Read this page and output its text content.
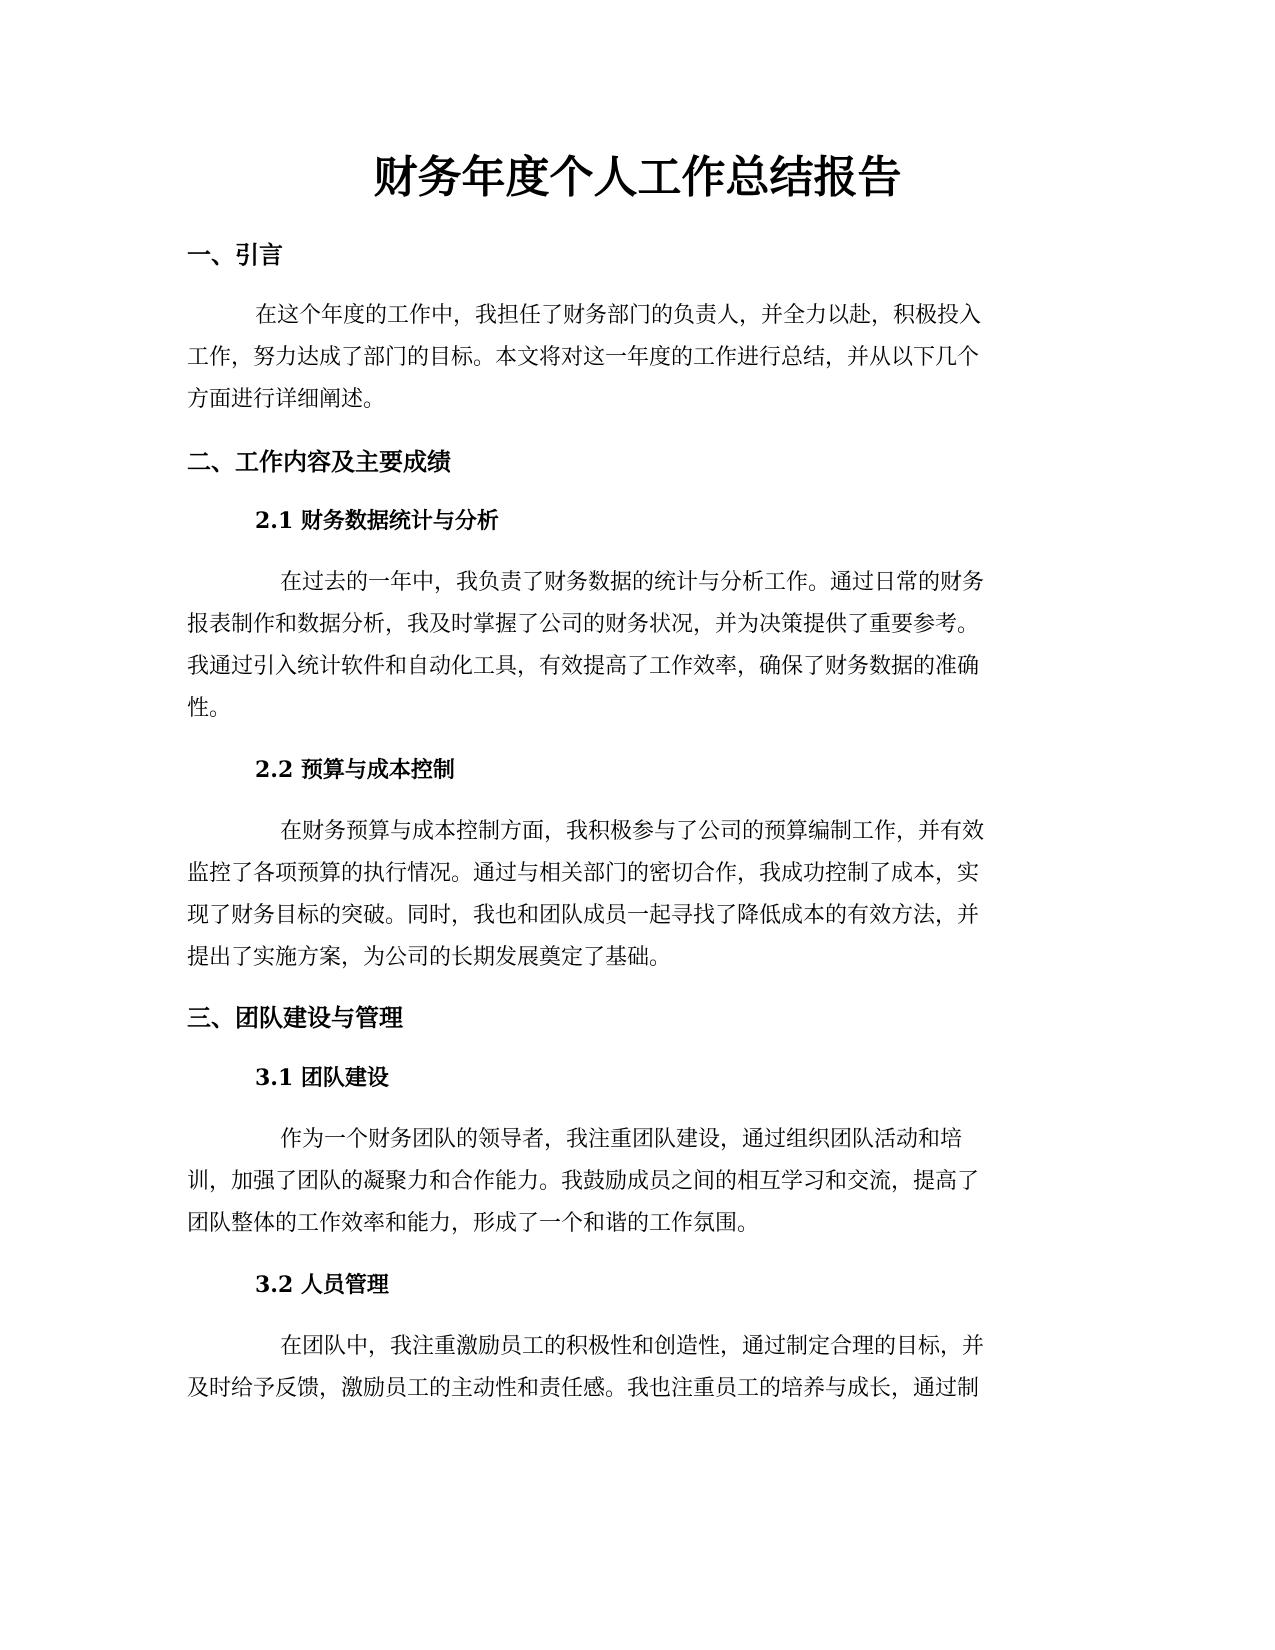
财务年度个人工作总结报告
一、引言

在这个年度的工作中，我担任了财务部门的负责人，并全力以赴，积极投入
工作，努力达成了部门的目标。本文将对这一年度的工作进行总结，并从以下几个
方面进行详细阐述。

二、工作内容及主要成绩
2.1 财务数据统计与分析

在过去的一年中，我负责了财务数据的统计与分析工作。通过日常的财务
报表制作和数据分析，我及时掌握了公司的财务状况，并为决策提供了重要参考。
我通过引入统计软件和自动化工具，有效提高了工作效率，确保了财务数据的准确
性。

2.2 预算与成本控制

在财务预算与成本控制方面，我积极参与了公司的预算编制工作，并有效
监控了各项预算的执行情况。通过与相关部门的密切合作，我成功控制了成本，实
现了财务目标的突破。同时，我也和团队成员一起寻找了降低成本的有效方法，并
提出了实施方案，为公司的长期发展奠定了基础。

三、团队建设与管理
3.1 团队建设

作为一个财务团队的领导者，我注重团队建设，通过组织团队活动和培
训，加强了团队的凝聚力和合作能力。我鼓励成员之间的相互学习和交流，提高了
团队整体的工作效率和能力，形成了一个和谐的工作氛围。

3.2 人员管理

在团队中，我注重激励员工的积极性和创造性，通过制定合理的目标，并
及时给予反馈，激励员工的主动性和责任感。我也注重员工的培养与成长，通过制
